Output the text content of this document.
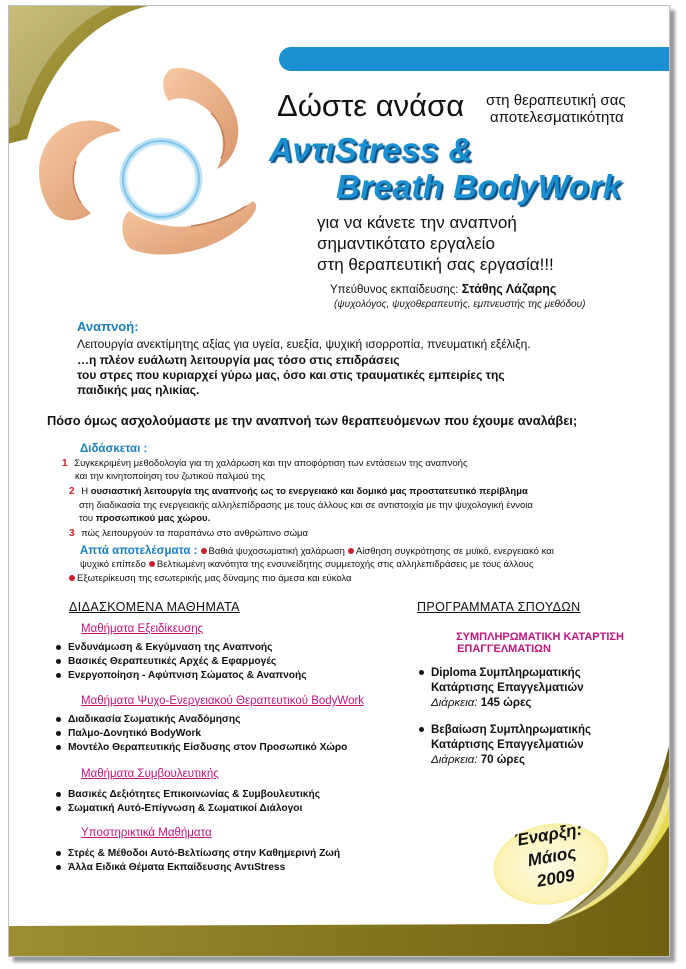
Δώστε ανάσα στη θεραπευτική σας
αποτελεσματικότητα
ΑντιStress &
Breath BodyWork
για να κάνετε την αναπνοή
σημαντικότατο εργαλείο
στη θεραπευτική σας εργασία!!!
Υπεύθυνος εκπαίδευσης: Στάθης Λάζαρης
(ψυχολόγος, ψυχοθεραπευτής, εμπνευστής της μεθόδου)
Αναπνοή:
Λειτουργία ανεκτίμητης αξίας για υγεία, ευεξία, ψυχική ισορροπία, πνευματική εξέλιξη.
…η πλέον ευάλωτη λειτουργία μας τόσο στις επιδράσεις
του στρες που κυριαρχεί γύρω μας, όσο και στις τραυματικές εμπειρίες της
παιδικής μας ηλικίας.
Πόσο όμως ασχολούμαστε με την αναπνοή των θεραπευόμενων που έχουμε αναλάβει;
Διδάσκεται :
1 Συγκεκριμένη μεθοδολογία για τη χαλάρωση και την αποφόρτιση των εντάσεων της αναπνοής
και την κινητοποίηση του ζωτικού παλμού της
2 Η ουσιαστική λειτουργία της αναπνοής ως το ενεργειακό και δομικό μας προστατευτικό περίβλημα
στη διαδικασία της ενεργειακής αλληλεπίδρασης με τους άλλους και σε αντιστοιχία με την ψυχολογική έννοια
του προσωπικού μας χώρου.
3 πώς λειτουργούν τα παραπάνω στο ανθρώπινο σώμα
Απτά αποτελέσματα : Βαθιά ψυχοσωματική χαλάρωση Αίσθηση συγκρότησης σε μυϊκό, ενεργειακό και
ψυχικό επίπεδο Βελτιωμένη ικανότητα της ενσυνείδητης συμμετοχής στις αλληλεπιδράσεις με τους άλλους
Εξωτερίκευση της εσωτερικής μας δύναμης πιο άμεσα και εύκολα
ΔΙΔΑΣΚΟΜΕΝΑ ΜΑΘΗΜΑΤΑ
Μαθήματα Εξειδίκευσης
Ενδυνάμωση & Εκγύμναση της Αναπνοής
Βασικές Θεραπευτικές Αρχές & Εφαρμογές
Ενεργοποίηση - Αφύπνιση Σώματος & Αναπνοής
Μαθήματα Ψυχο-Ενεργειακού Θεραπευτικού BodyWork
Διαδικασία Σωματικής Αναδόμησης
Παλμο-Δονητικό BodyWork
Μοντέλο Θεραπευτικής Είσδυσης στον Προσωπικό Χώρο
Μαθήματα Συμβουλευτικής
Βασικές Δεξιότητες Επικοινωνίας & Συμβουλευτικής
Σωματική Αυτό-Επίγνωση & Σωματικοί Διάλογοι
Υποστηρικτικά Μαθήματα
Στρές & Μέθοδοι Αυτό-Βελτίωσης στην Καθημερινή Ζωή
Άλλα Ειδικά Θέματα Εκπαίδευσης ΑντιStress
ΠΡΟΓΡΑΜΜΑΤΑ ΣΠΟΥΔΩΝ
ΣΥΜΠΛΗΡΩΜΑΤΙΚΗ ΚΑΤΑΡΤΙΣΗ
ΕΠΑΓΓΕΛΜΑΤΙΩΝ
Diploma Συμπληρωματικής
Κατάρτισης Επαγγελματιών
Διάρκεια: 145 ώρες
Βεβαίωση Συμπληρωματικής
Κατάρτισης Επαγγελματιών
Διάρκεια: 70 ώρες
Έναρξη:
Μάιος
2009
